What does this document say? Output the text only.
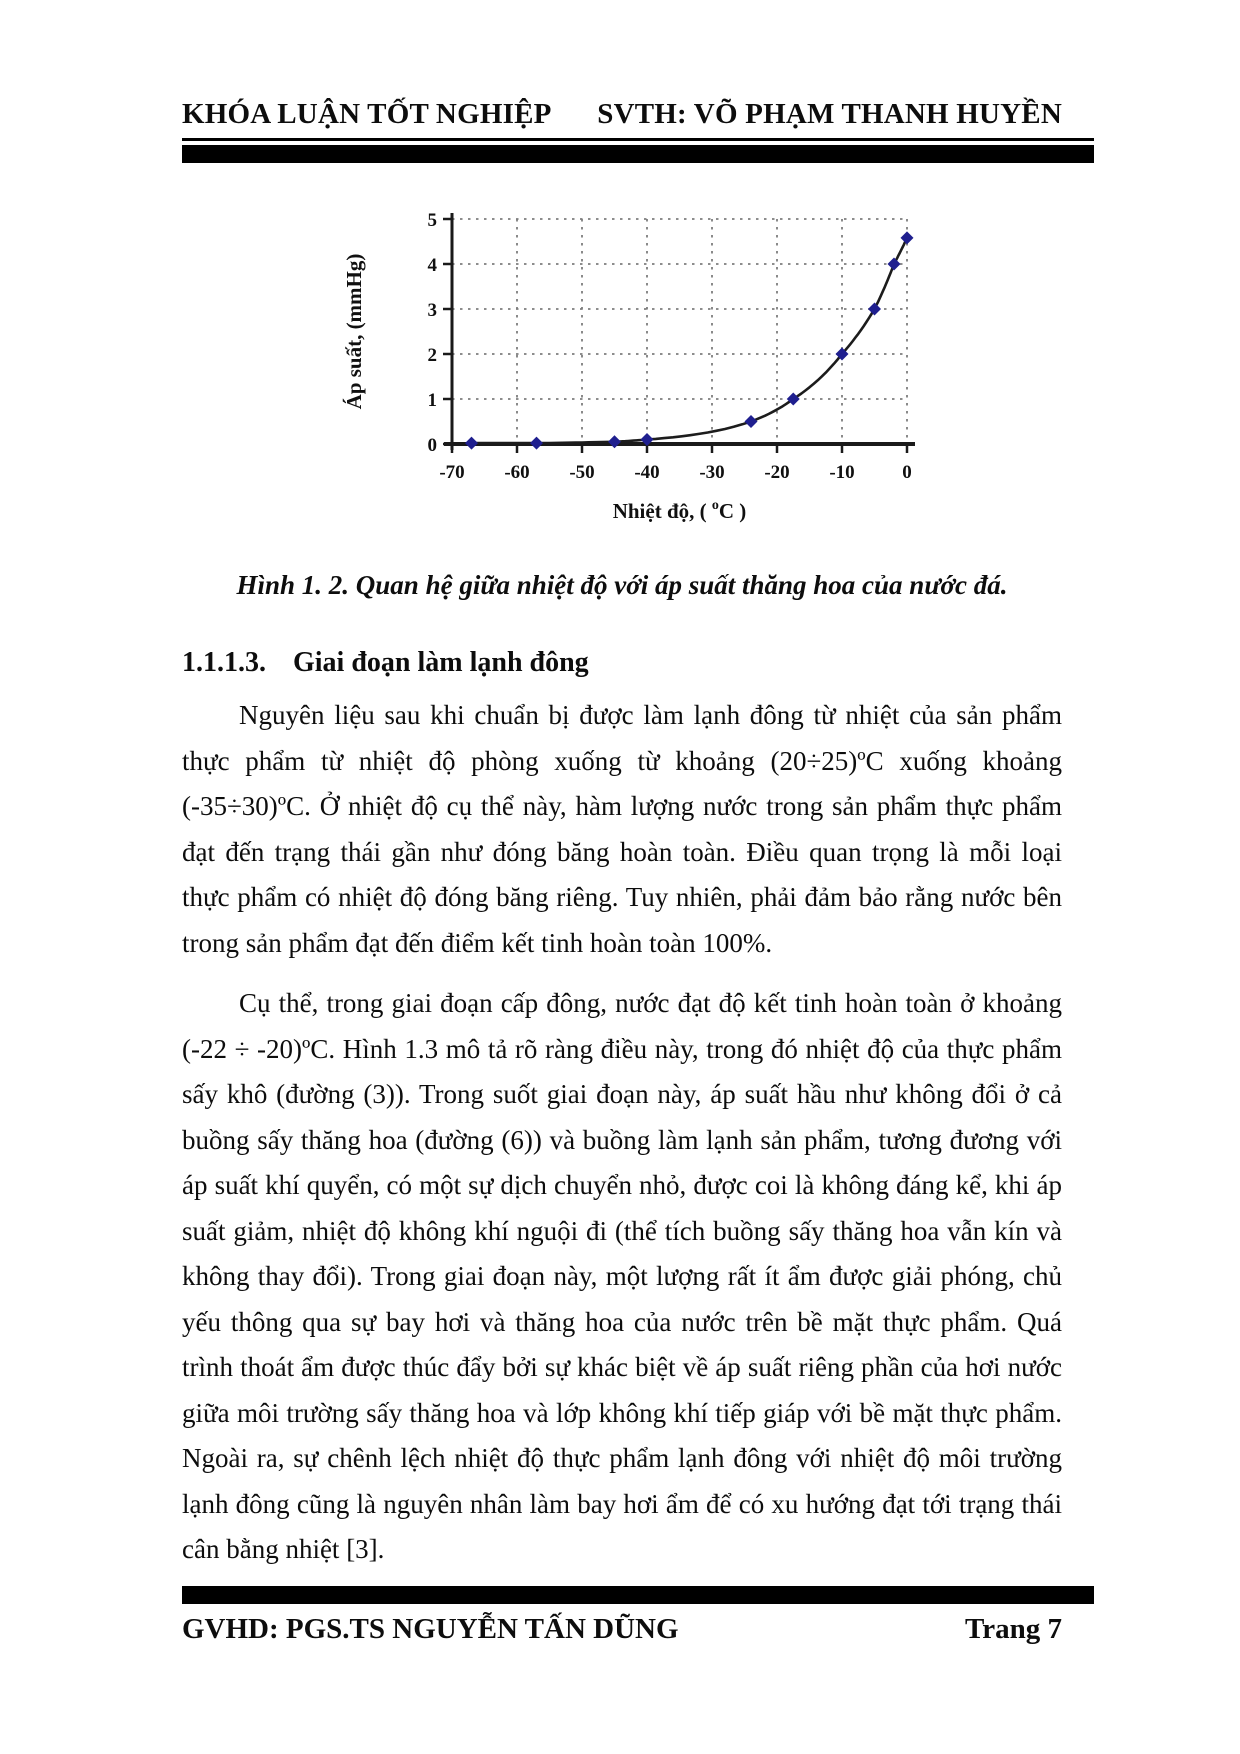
KHÓA LUẬN TỐT NGHIỆP SVTH: VÕ PHẠM THANH HUYỀN
0
1
2
3
4
5
-70 -60 -50 -40 -30 -20 -10	0
Áp suất, (mmHg)
Nhiệt độ, ( $^o$C )
Hình 1. 2. Quan hệ giữa nhiệt độ với áp suất thăng hoa của nước đá.
1.1.1.3. Giai đoạn làm lạnh đông

Nguyên liệu sau khi chuẩn bị được làm lạnh đông từ nhiệt của sản phẩm thực phẩm từ nhiệt độ phòng xuống từ khoảng (20÷25)ºC xuống khoảng (-35÷30)ºC. Ở nhiệt độ cụ thể này, hàm lượng nước trong sản phẩm thực phẩm đạt đến trạng thái gần như đóng băng hoàn toàn. Điều quan trọng là mỗi loại thực phẩm có nhiệt độ đóng băng riêng. Tuy nhiên, phải đảm bảo rằng nước bên trong sản phẩm đạt đến điểm kết tinh hoàn toàn 100%.

Cụ thể, trong giai đoạn cấp đông, nước đạt độ kết tinh hoàn toàn ở khoảng (-22 ÷ -20)ºC. Hình 1.3 mô tả rõ ràng điều này, trong đó nhiệt độ của thực phẩm sấy khô (đường (3)). Trong suốt giai đoạn này, áp suất hầu như không đổi ở cả buồng sấy thăng hoa (đường (6)) và buồng làm lạnh sản phẩm, tương đương với áp suất khí quyển, có một sự dịch chuyển nhỏ, được coi là không đáng kể, khi áp suất giảm, nhiệt độ không khí nguội đi (thể tích buồng sấy thăng hoa vẫn kín và không thay đổi). Trong giai đoạn này, một lượng rất ít ẩm được giải phóng, chủ yếu thông qua sự bay hơi và thăng hoa của nước trên bề mặt thực phẩm. Quá trình thoát ẩm được thúc đẩy bởi sự khác biệt về áp suất riêng phần của hơi nước giữa môi trường sấy thăng hoa và lớp không khí tiếp giáp với bề mặt thực phẩm. Ngoài ra, sự chênh lệch nhiệt độ thực phẩm lạnh đông với nhiệt độ môi trường lạnh đông cũng là nguyên nhân làm bay hơi ẩm để có xu hướng đạt tới trạng thái cân bằng nhiệt [3].

GVHD: PGS.TS NGUYỄN TẤN DŨNG	Trang 7
